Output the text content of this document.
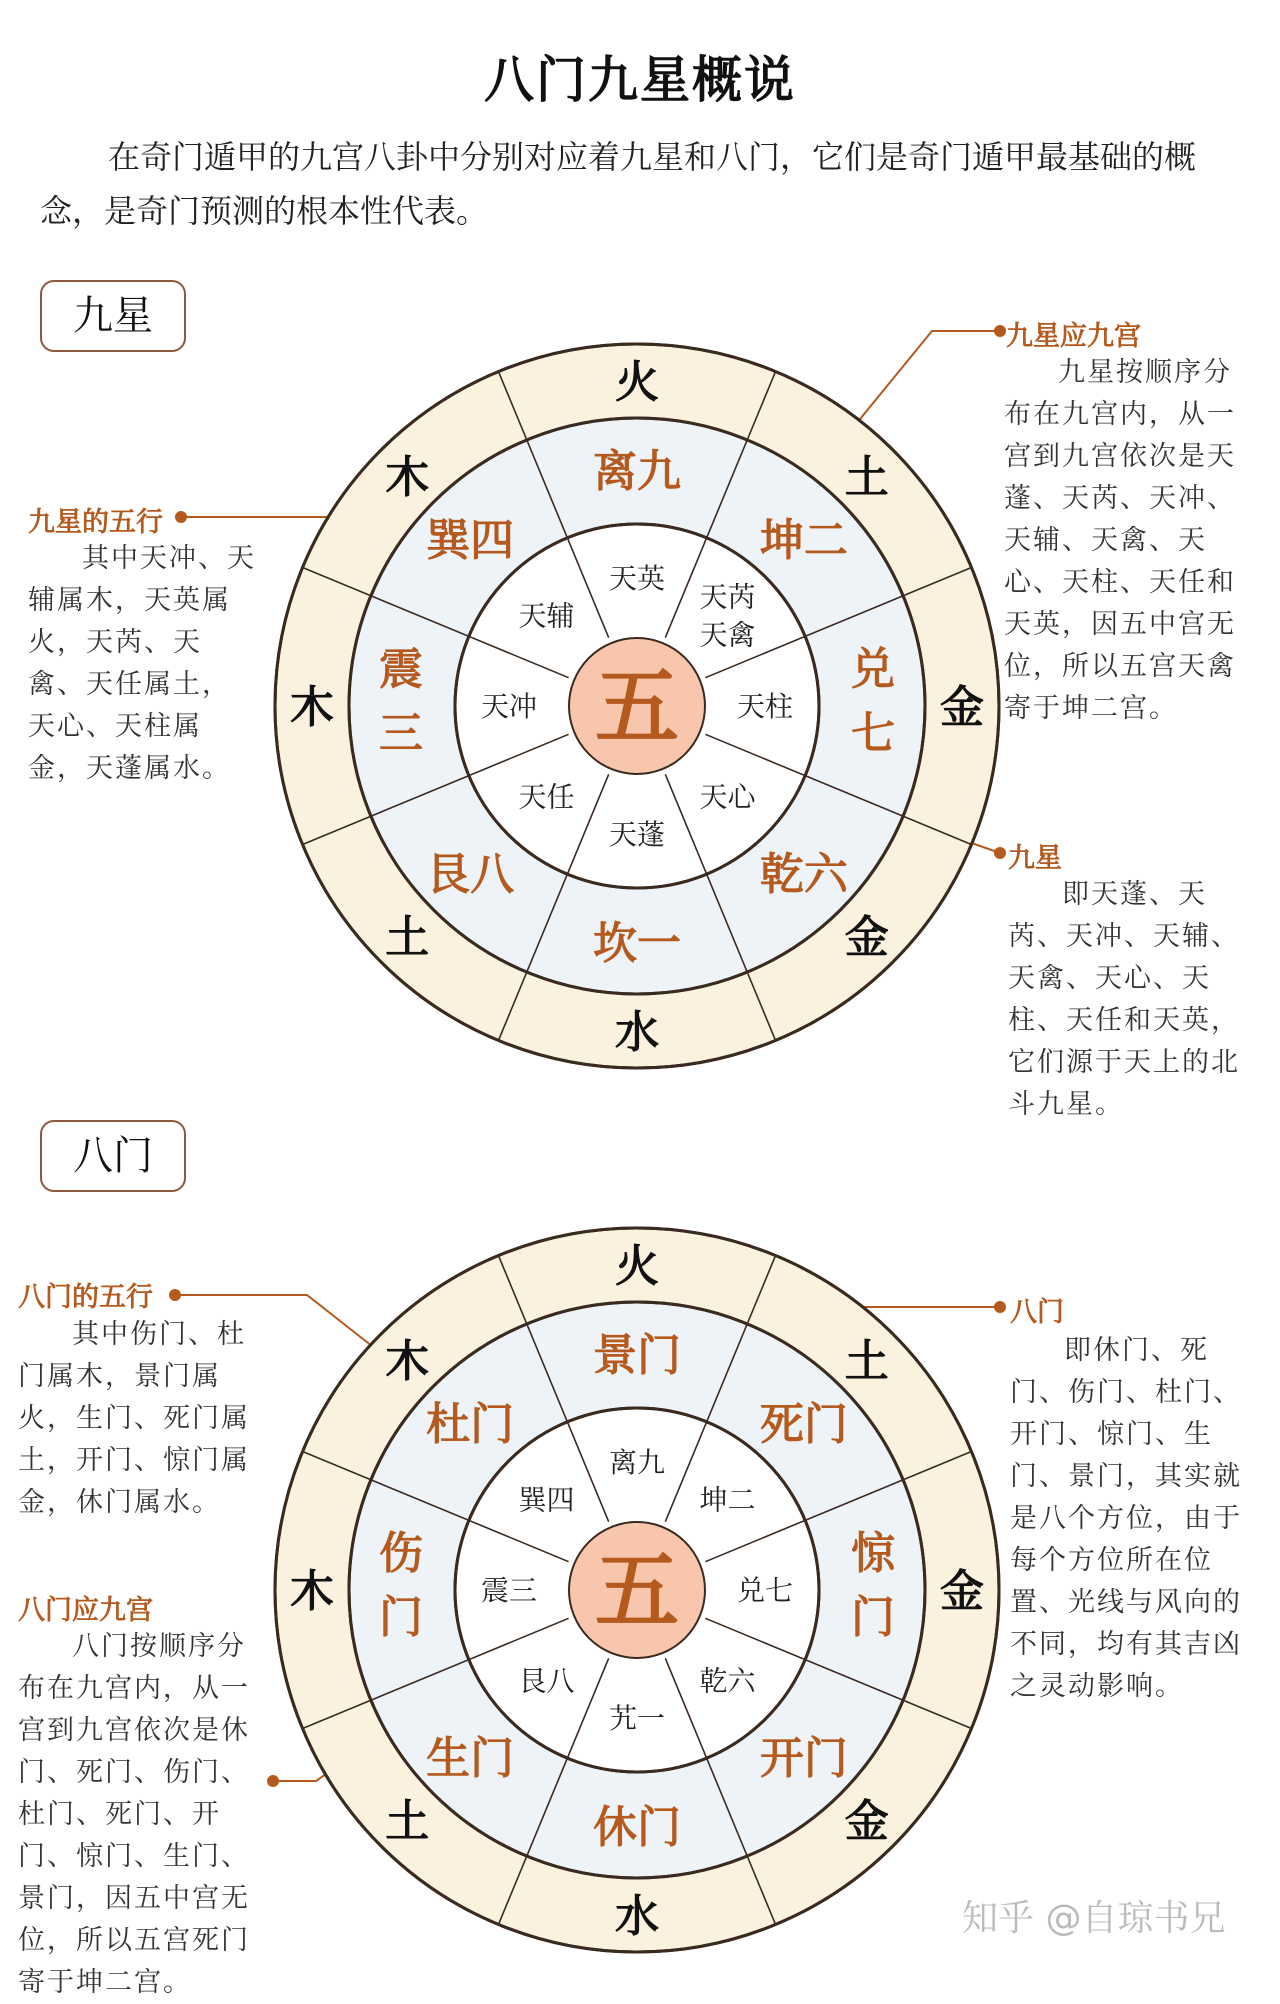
八门九星概说
在奇门遁甲的九宫八卦中分别对应着九星和八门，它们是奇门遁甲最基础的概念，是奇门预测的根本性代表。
九星
五
火
离九
天英
土
坤二
天芮
天禽
金
兑
七
天柱
金
乾六
天心
水
坎一
天蓬
土
艮八
天任
木
震
三
天冲
木
巽四
天辅
九星的五行
其中天冲、天辅属木，天英属火，天芮、天禽、天任属土，天心、天柱属金，天蓬属水。
九星应九宫
九星按顺序分布在九宫内，从一宫到九宫依次是天蓬、天芮、天冲、天辅、天禽、天心、天柱、天任和天英，因五中宫无位，所以五宫天禽寄于坤二宫。
九星
即天蓬、天芮、天冲、天辅、天禽、天心、天柱、天任和天英，它们源于天上的北斗九星。
八门
五
火
景门
离九
土
死门
坤二
金
惊
门
兑七
金
开门
乾六
水
休门
艽一
土
生门
艮八
木
伤
门
震三
木
杜门
巽四
八门的五行
其中伤门、杜门属木，景门属火，生门、死门属土，开门、惊门属金，休门属水。
八门
即休门、死门、伤门、杜门、开门、惊门、生门、景门，其实就是八个方位，由于每个方位所在位置、光线与风向的不同，均有其吉凶之灵动影响。
八门应九宫
八门按顺序分布在九宫内，从一宫到九宫依次是休门、死门、伤门、杜门、死门、开门、惊门、生门、景门，因五中宫无位，所以五宫死门寄于坤二宫。
知乎 @自琼书兄
